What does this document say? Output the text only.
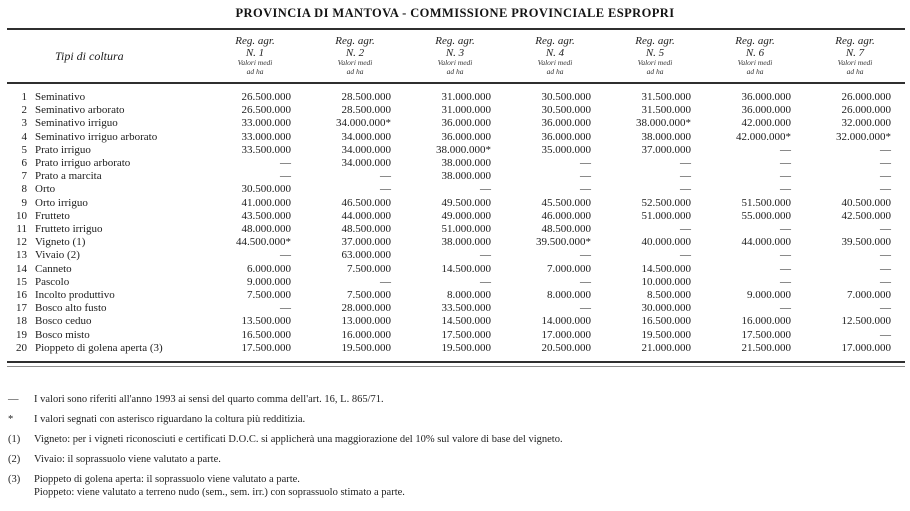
PROVINCIA DI MANTOVA - COMMISSIONE PROVINCIALE ESPROPRI
	Tipi di coltura	
Reg. agr.
N. 1
Valori medi
ad ha

Reg. agr.
N. 2
Valori medi
ad ha

Reg. agr.
N. 3
Valori medi
ad ha

Reg. agr.
N. 4
Valori medi
ad ha

Reg. agr.
N. 5
Valori medi
ad ha

Reg. agr.
N. 6
Valori medi
ad ha

Reg. agr.
N. 7
Valori medi
ad ha

1	Seminativo	26.500.000	28.500.000	31.000.000	30.500.000	31.500.000	36.000.000	26.000.000
2	Seminativo arborato	26.500.000	28.500.000	31.000.000	30.500.000	31.500.000	36.000.000	26.000.000
3	Seminativo irriguo	33.000.000	34.000.000*	36.000.000	36.000.000	38.000.000*	42.000.000	32.000.000
4	Seminativo irriguo arborato	33.000.000	34.000.000	36.000.000	36.000.000	38.000.000	42.000.000*	32.000.000*
5	Prato irriguo	33.500.000	34.000.000	38.000.000*	35.000.000	37.000.000	—	—
6	Prato irriguo arborato	—	34.000.000	38.000.000	—	—	—	—
7	Prato a marcita	—	—	38.000.000	—	—	—	—
8	Orto	30.500.000	—	—	—	—	—	—
9	Orto irriguo	41.000.000	46.500.000	49.500.000	45.500.000	52.500.000	51.500.000	40.500.000
10	Frutteto	43.500.000	44.000.000	49.000.000	46.000.000	51.000.000	55.000.000	42.500.000
11	Frutteto irriguo	48.000.000	48.500.000	51.000.000	48.500.000	—	—	—
12	Vigneto (1)	44.500.000*	37.000.000	38.000.000	39.500.000*	40.000.000	44.000.000	39.500.000
13	Vivaio (2)	—	63.000.000	—	—	—	—	—
14	Canneto	6.000.000	7.500.000	14.500.000	7.000.000	14.500.000	—	—
15	Pascolo	9.000.000	—	—	—	10.000.000	—	—
16	Incolto produttivo	7.500.000	7.500.000	8.000.000	8.000.000	8.500.000	9.000.000	7.000.000
17	Bosco alto fusto	—	28.000.000	33.500.000	—	30.000.000	—	—
18	Bosco ceduo	13.500.000	13.000.000	14.500.000	14.000.000	16.500.000	16.000.000	12.500.000
19	Bosco misto	16.500.000	16.000.000	17.500.000	17.000.000	19.500.000	17.500.000	—
20	Pioppeto di golena aperta (3)	17.500.000	19.500.000	19.500.000	20.500.000	21.000.000	21.500.000	17.000.000
—	I valori sono riferiti all'anno 1993 ai sensi del quarto comma dell'art. 16, L. 865/71.
*	I valori segnati con asterisco riguardano la coltura più redditizia.
(1)	Vigneto: per i vigneti riconosciuti e certificati D.O.C. si applicherà una maggiorazione del 10% sul valore di base del vigneto.
(2)	Vivaio: il soprassuolo viene valutato a parte.
(3)	Pioppeto di golena aperta: il soprassuolo viene valutato a parte.
Pioppeto: viene valutato a terreno nudo (sem., sem. irr.) con soprassuolo stimato a parte.
